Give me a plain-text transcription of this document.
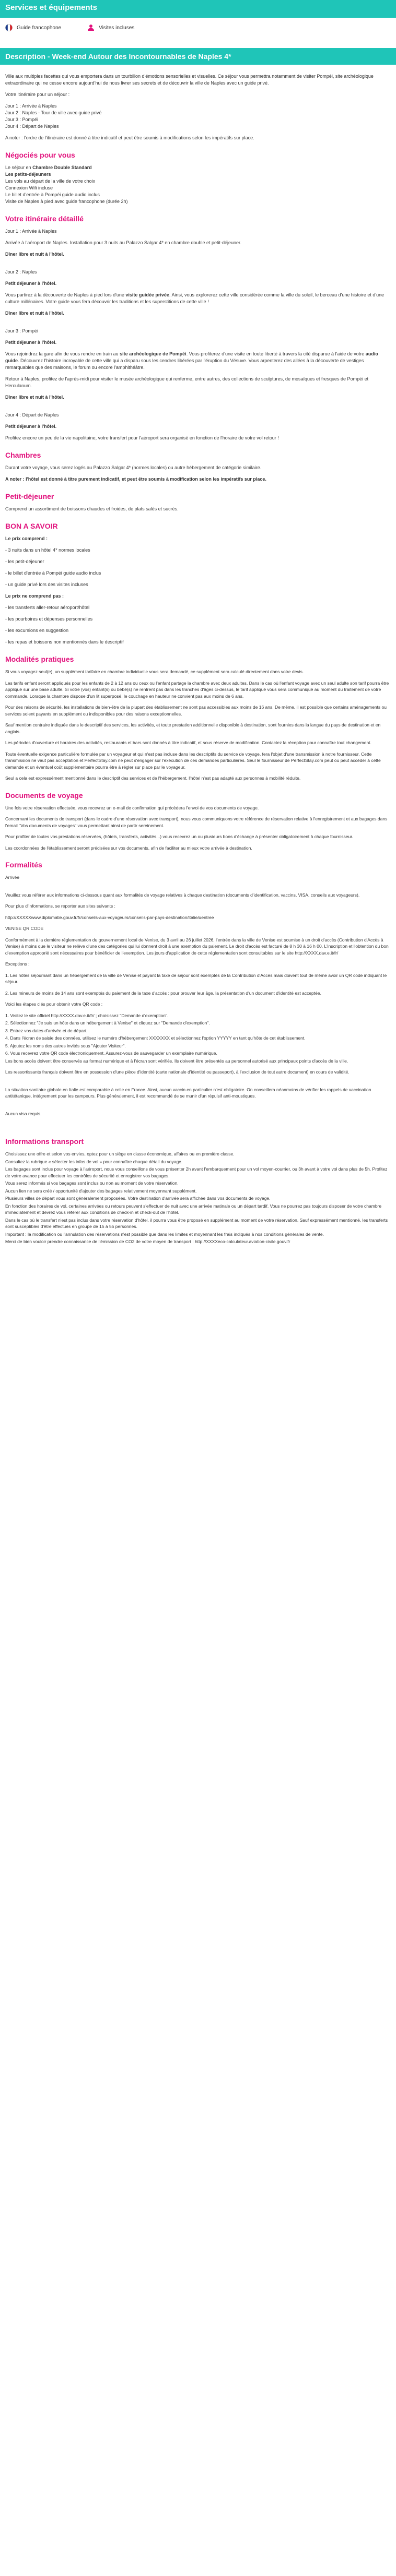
Services et équipements
Guide francophone	Visites incluses
Description - Week-end Autour des Incontournables de Naples 4*

Ville aux multiples facettes qui vous emportera dans un tourbillon d'émotions sensorielles et visuelles. Ce séjour vous permettra notamment de visiter Pompéi, site archéologique extraordinaire qui ne cesse encore aujourd'hui de nous livrer ses secrets et de découvrir la ville de Naples avec un guide privé.

Votre itinéraire pour un séjour :

Jour 1 : Arrivée à Naples
Jour 2 : Naples - Tour de ville avec guide privé
Jour 3 : Pompéi
Jour 4 : Départ de Naples

A noter : l'ordre de l'itinéraire est donné à titre indicatif et peut être soumis à modifications selon les impératifs sur place.

Négociés pour vous

Le séjour en Chambre Double Standard
Les petits-déjeuners
Les vols au départ de la ville de votre choix
Connexion Wifi incluse
Le billet d'entrée à Pompéi guide audio inclus
Visite de Naples à pied avec guide francophone (durée 2h)

Votre itinéraire détaillé

Jour 1 : Arrivée à Naples

Arrivée à l'aéroport de Naples. Installation pour 3 nuits au Palazzo Salgar 4* en chambre double et petit-déjeuner.

Dîner libre et nuit à l'hôtel.

Jour 2 : Naples

Petit déjeuner à l'hôtel.

Vous partirez à la découverte de Naples à pied lors d'une visite guidée privée. Ainsi, vous explorerez cette ville considérée comme la ville du soleil, le berceau d'une histoire et d'une culture millénaires. Votre guide vous fera découvrir les traditions et les superstitions de cette ville !

Dîner libre et nuit à l'hôtel.

Jour 3 : Pompéi

Petit déjeuner à l'hôtel.

Vous rejoindrez la gare afin de vous rendre en train au site archéologique de Pompéi. Vous profiterez d'une visite en toute liberté à travers la cité disparue à l'aide de votre audio guide. Découvrez l'histoire incroyable de cette ville qui a disparu sous les cendres libérées par l'éruption du Vésuve. Vous arpenterez des allées à la découverte de vestiges remarquables que des maisons, le forum ou encore l'amphithéâtre.

Retour à Naples, profitez de l'après-midi pour visiter le musée archéologique qui renferme, entre autres, des collections de sculptures, de mosaïques et fresques de Pompéi et Herculanum.

Dîner libre et nuit à l'hôtel.

Jour 4 : Départ de Naples

Petit déjeuner à l'hôtel.

Profitez encore un peu de la vie napolitaine, votre transfert pour l'aéroport sera organisé en fonction de l'horaire de votre vol retour !

Chambres

Durant votre voyage, vous serez logés au Palazzo Salgar 4* (normes locales) ou autre hébergement de catégorie similaire.

A noter : l'hôtel est donné à titre purement indicatif, et peut être soumis à modification selon les impératifs sur place.

Petit-déjeuner

Comprend un assortiment de boissons chaudes et froides, de plats salés et sucrés.

BON A SAVOIR

Le prix comprend :

- 3 nuits dans un hôtel 4* normes locales

- les petit-déjeuner

- le billet d'entrée à Pompéi guide audio inclus

- un guide privé lors des visites incluses

Le prix ne comprend pas :

- les transferts aller-retour aéroport/hôtel

- les pourboires et dépenses personnelles

- les excursions en suggestion

- les repas et boissons non mentionnés dans le descriptif

Modalités pratiques

Si vous voyagez seul(e), un supplément tarifaire en chambre individuelle vous sera demandé, ce supplément sera calculé directement dans votre devis.

Les tarifs enfant seront appliqués pour les enfants de 2 à 12 ans ou ceux ou l'enfant partage la chambre avec deux adultes. Dans le cas où l'enfant voyage avec un seul adulte son tarif pourra être appliqué sur une base adulte. Si votre (vos) enfant(s) ou bébé(s) ne rentrent pas dans les tranches d'âges ci-dessus, le tarif appliqué vous sera communiqué au moment du traitement de votre commande. Lorsque la chambre dispose d'un lit superposé, le couchage en hauteur ne convient pas aux moins de 6 ans.

Pour des raisons de sécurité, les installations de bien-être de la plupart des établissement ne sont pas accessibles aux moins de 16 ans. De même, il est possible que certains aménagements ou services soient payants en supplément ou indisponibles pour des raisons exceptionnelles.

Sauf mention contraire indiquée dans le descriptif des services, les activités, et toute prestation additionnelle disponible à destination, sont fournies dans la langue du pays de destination et en anglais.

Les périodes d'ouverture et horaires des activités, restaurants et bars sont donnés à titre indicatif, et sous réserve de modification. Contactez la réception pour connaître tout changement.

Toute éventuelle exigence particulière formulée par un voyageur et qui n'est pas incluse dans les descriptifs du service de voyage, fera l'objet d'une transmission à notre fournisseur. Cette transmission ne vaut pas acceptation et PerfectStay.com ne peut s'engager sur l'exécution de ces demandes particulières. Seul le fournisseur de PerfectStay.com peut ou peut accéder à cette demande et un éventuel coût supplémentaire pourra être à régler sur place par le voyageur.

Seul a cela est expressément mentionné dans le descriptif des services et de l'hébergement, l'hôtel n'est pas adapté aux personnes à mobilité réduite.

Documents de voyage

Une fois votre réservation effectuée, vous recevrez un e-mail de confirmation qui précèdera l'envoi de vos documents de voyage.

Concernant les documents de transport (dans le cadre d'une réservation avec transport), nous vous communiquons votre référence de réservation relative à l'enregistrement et aux bagages dans l'email "Vos documents de voyages" vous permettant ainsi de partir sereinement.

Pour profiter de toutes vos prestations réservées, (hôtels, transferts, activités...) vous recevrez un ou plusieurs bons d'échange à présenter obligatoirement à chaque fournisseur.

Les coordonnées de l'établissement seront précisées sur vos documents, afin de faciliter au mieux votre arrivée à destination.

Formalités

Arrivée

Veuillez vous référer aux informations ci-dessous quant aux formalités de voyage relatives à chaque destination (documents d'identification, vaccins, VISA, conseils aux voyageurs).

Pour plus d'informations, se reporter aux sites suivants :

http://XXXXXwww.diplomatie.gouv.fr/fr/conseils-aux-voyageurs/conseils-par-pays-destination/italie/#entree

VENISE QR CODE

Conformément à la dernière réglementation du gouvernement local de Venise, du 3 avril au 26 juillet 2026, l'entrée dans la ville de Venise est soumise à un droit d'accès (Contribution d'Accès à Venise) à moins que le visiteur ne relève d'une des catégories qui lui donnent droit à une exemption du paiement. Le droit d'accès est facturé de 8 h 30 à 16 h 00. L'inscription et l'obtention du bon d'exemption approprié sont nécessaires pour bénéficier de l'exemption. Les jours d'application de cette réglementation sont consultables sur le site http://XXXX.dav.e.it/fr/

Exceptions :

1. Les hôtes séjournant dans un hébergement de la ville de Venise et payant la taxe de séjour sont exemptés de la Contribution d'Accès mais doivent tout de même avoir un QR code indiquant le séjour.

2. Les mineurs de moins de 14 ans sont exemptés du paiement de la taxe d'accès : pour prouver leur âge, la présentation d'un document d'identité est acceptée.

Voici les étapes clés pour obtenir votre QR code :

1. Visitez le site officiel http://XXXX.dav.e.it/fr/ ; choisissez "Demande d'exemption".

2. Sélectionnez "Je suis un hôte dans un hébergement à Venise" et cliquez sur "Demande d'exemption".

3. Entrez vos dates d'arrivée et de départ.

4. Dans l'écran de saisie des données, utilisez le numéro d'hébergement XXXXXXX et sélectionnez l'option YYYYY en tant qu'hôte de cet établissement.

5. Ajoutez les noms des autres invités sous "Ajouter Visiteur".

6. Vous recevrez votre QR code électroniquement. Assurez-vous de sauvegarder un exemplaire numérique.

Les bons accès doivent être conservés au format numérique et à l'écran sont vérifiés. Ils doivent être présentés au personnel autorisé aux principaux points d'accès de la ville.

Les ressortissants français doivent être en possession d'une pièce d'identité (carte nationale d'identité ou passeport), à l'exclusion de tout autre document) en cours de validité.

La situation sanitaire globale en Italie est comparable à celle en France. Ainsi, aucun vaccin en particulier n'est obligatoire. On conseillera néanmoins de vérifier les rappels de vaccination antitétanique, intégrement pour les campeurs. Plus généralement, il est recommandé de se munir d'un répulsif anti-moustiques.

Aucun visa requis.

Informations transport

Choisissez une offre et selon vos envies, optez pour un siège en classe économique, affaires ou en première classe.

Consultez la rubrique « sélecter les infos de vol » pour connaître chaque détail du voyage.

Les bagages sont inclus pour voyage à l'aéroport, nous vous conseillons de vous présenter 2h avant l'embarquement pour un vol moyen-courrier, ou 3h avant à votre vol dans plus de 5h. Profitez de votre avance pour effectuer les contrôles de sécurité et enregistrer vos bagages.

Vous serez informés si vos bagages sont inclus ou non au moment de votre réservation.

Aucun lien ne sera créé / opportunité d'ajouter des bagages relativement moyennant supplément.

Plusieurs villes de départ vous sont généralement proposées. Votre destination d'arrivée sera affichée dans vos documents de voyage.

En fonction des horaires de vol, certaines arrivées ou retours peuvent s'effectuer de nuit avec une arrivée matinale ou un départ tardif. Vous ne pourrez pas toujours disposer de votre chambre immédiatement et devrez vous référer aux conditions de check-in et check-out de l'hôtel.

Dans le cas où le transfert n'est pas inclus dans votre réservation d'hôtel, il pourra vous être proposé en supplément au moment de votre réservation. Sauf expressément mentionné, les transferts sont susceptibles d'être effectués en groupe de 15 à 55 personnes.

Important : la modification ou l'annulation des réservations n'est possible que dans les limites et moyennant les frais indiqués à nos conditions générales de vente.

Merci de bien vouloir prendre connaissance de l'émission de CO2 de votre moyen de transport : http://XXXXeco-calculateur.aviation-civile.gouv.fr
